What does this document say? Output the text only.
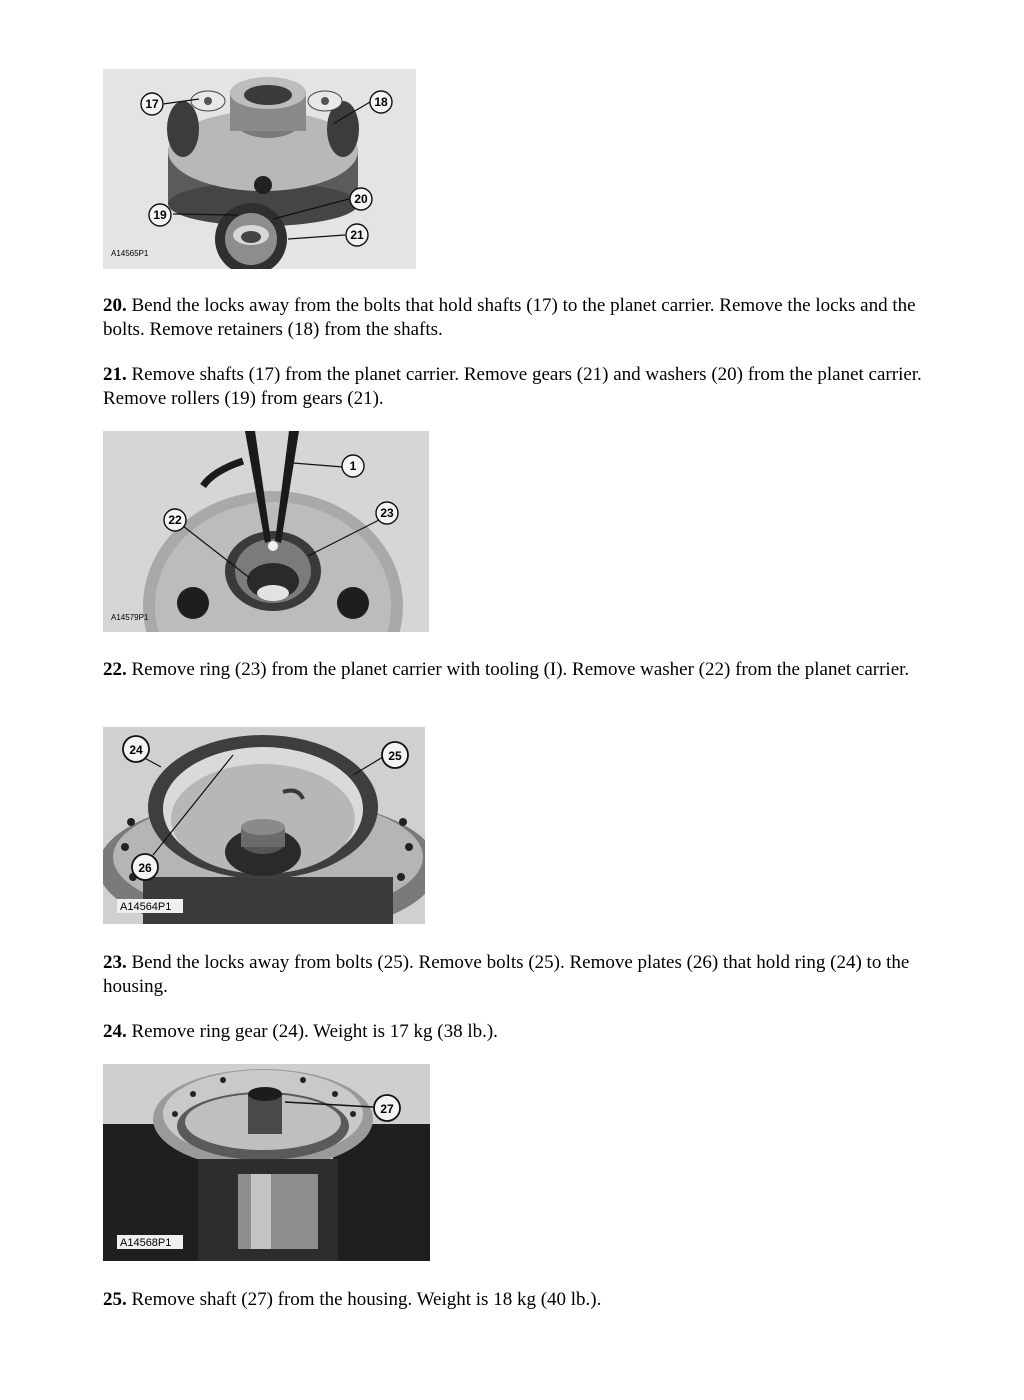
17	18
19
20
21
A14565P1

20. Bend the locks away from the bolts that hold shafts (17) to the planet carrier. Remove the locks and the bolts. Remove retainers (18) from the shafts.

21. Remove shafts (17) from the planet carrier. Remove gears (21) and washers (20) from the planet carrier. Remove rollers (19) from gears (21).

1
22	23
A14579P1

22. Remove ring (23) from the planet carrier with tooling (I). Remove washer (22) from the planet carrier.

24	25
26
A14564P1

23. Bend the locks away from bolts (25). Remove bolts (25). Remove plates (26) that hold ring (24) to the housing.

24. Remove ring gear (24). Weight is 17 kg (38 lb.).

27
A14568P1

25. Remove shaft (27) from the housing. Weight is 18 kg (40 lb.).
